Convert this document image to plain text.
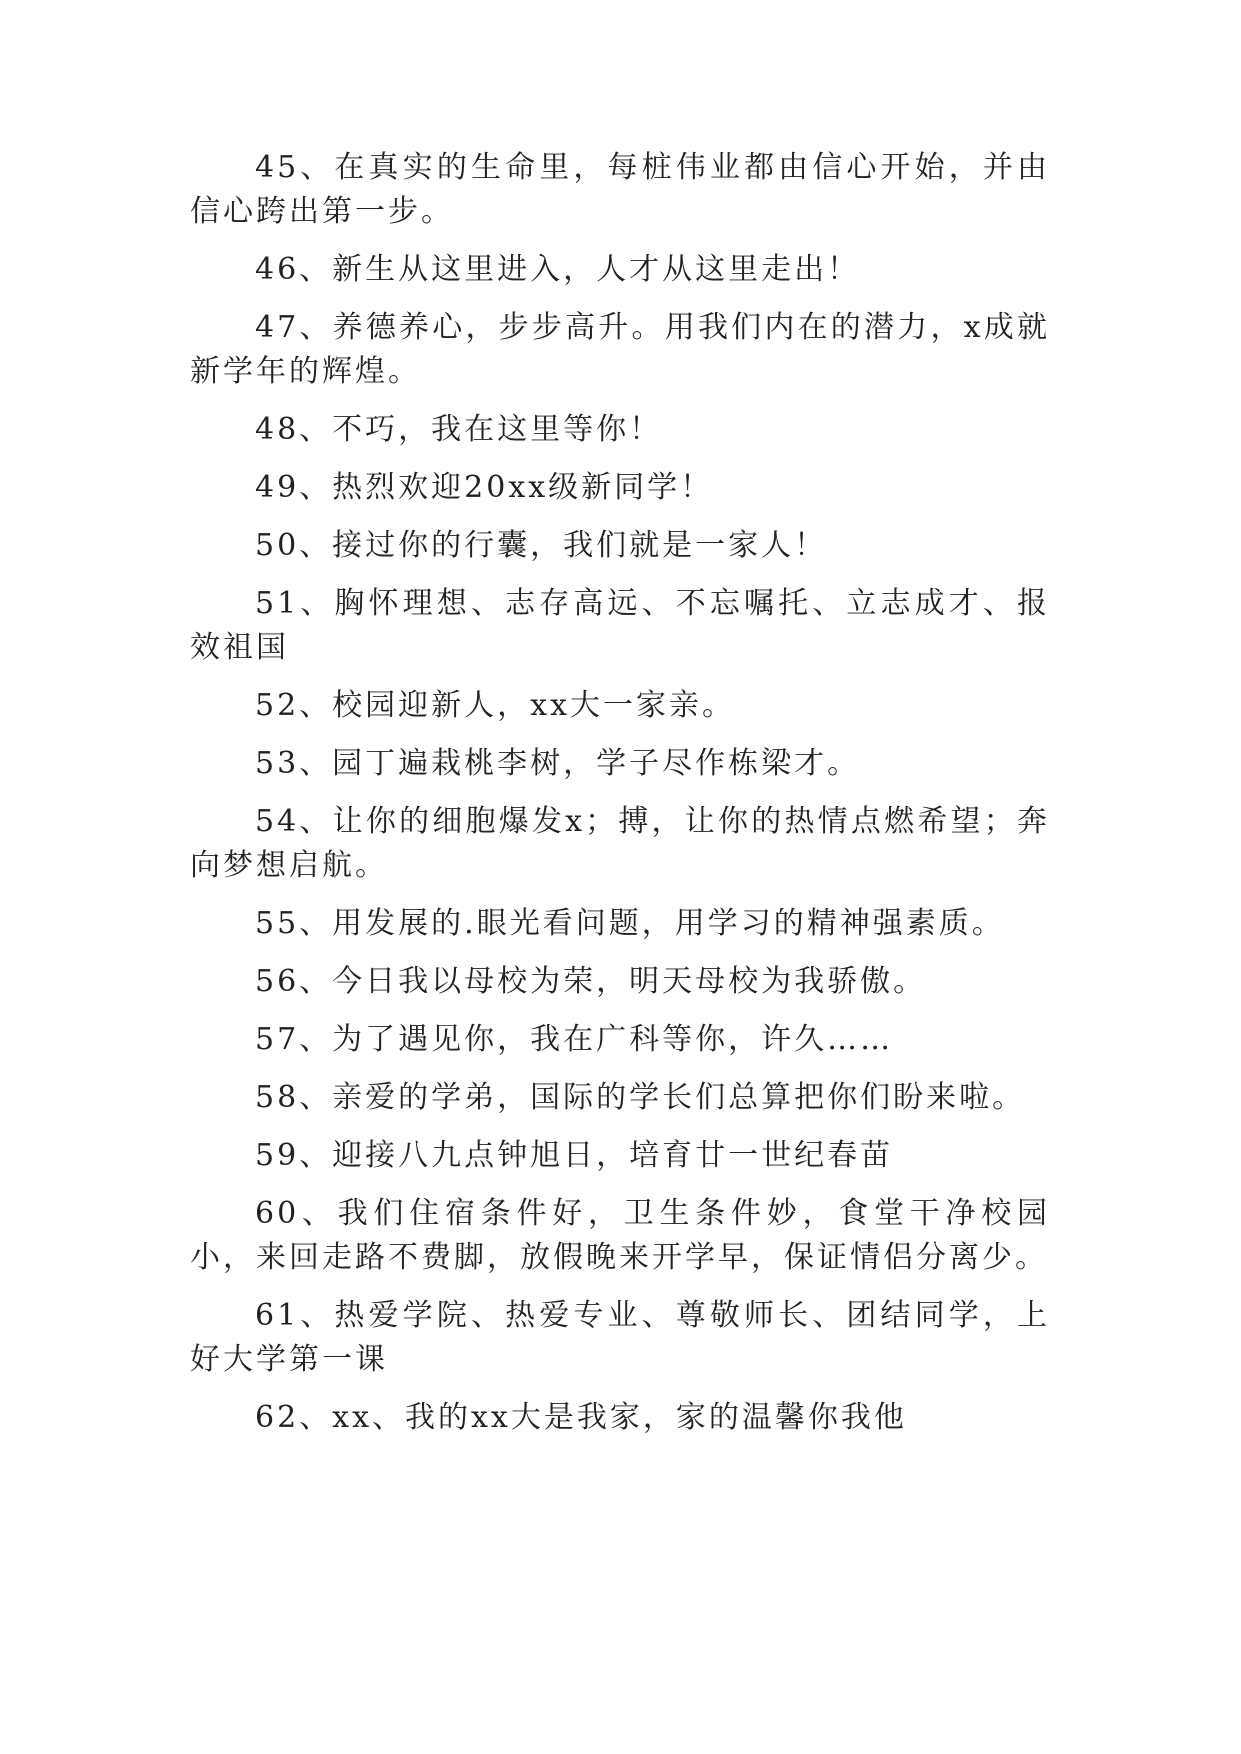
45、在真实的生命里，每桩伟业都由信心开始，并由信心跨出第一步。

46、新生从这里进入，人才从这里走出！

47、养德养心，步步高升。用我们内在的潜力，x成就新学年的辉煌。

48、不巧，我在这里等你！

49、热烈欢迎20xx级新同学！

50、接过你的行囊，我们就是一家人！

51、胸怀理想、志存高远、不忘嘱托、立志成才、报效祖国

52、校园迎新人，xx大一家亲。

53、园丁遍栽桃李树，学子尽作栋梁才。

54、让你的细胞爆发x；搏，让你的热情点燃希望；奔向梦想启航。

55、用发展的.眼光看问题，用学习的精神强素质。

56、今日我以母校为荣，明天母校为我骄傲。

57、为了遇见你，我在广科等你，许久……

58、亲爱的学弟，国际的学长们总算把你们盼来啦。

59、迎接八九点钟旭日，培育廿一世纪春苗

60、我们住宿条件好，卫生条件妙，食堂干净校园小，来回走路不费脚，放假晚来开学早，保证情侣分离少。

61、热爱学院、热爱专业、尊敬师长、团结同学，上好大学第一课

62、xx、我的xx大是我家，家的温馨你我他
